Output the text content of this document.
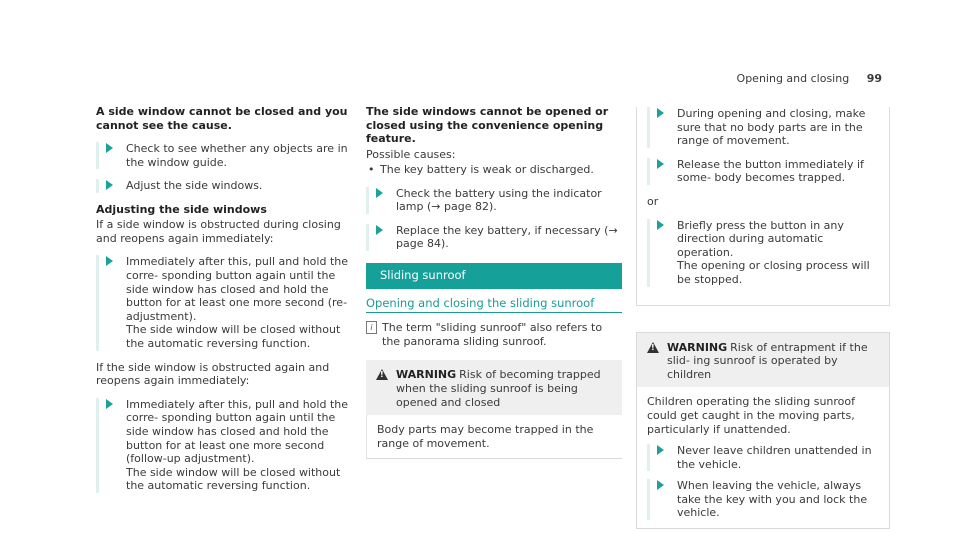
Opening and closing 99
A side window cannot be closed and you cannot see the cause.
Check to see whether any objects are in the window guide.
Adjust the side windows.
Adjusting the side windows
If a side window is obstructed during closing and reopens again immediately:
Immediately after this, pull and hold the corre- sponding button again until the side window has closed and hold the button for at least one more second (re-adjustment).
The side window will be closed without the automatic reversing function.
If the side window is obstructed again and reopens again immediately:
Immediately after this, pull and hold the corre- sponding button again until the side window has closed and hold the button for at least one more second (follow-up adjustment).
The side window will be closed without the automatic reversing function.
The side windows cannot be opened or closed using the convenience opening feature.
Possible causes:
• The key battery is weak or discharged.
Check the battery using the indicator lamp (→ page 82).
Replace the key battery, if necessary (→ page 84).
Sliding sunroof
Opening and closing the sliding sunroof
i The term "sliding sunroof" also refers to the panorama sliding sunroof.
!
WARNING Risk of becoming trapped when the sliding sunroof is being opened and closed
Body parts may become trapped in the range of movement.
During opening and closing, make sure that no body parts are in the range of movement.
Release the button immediately if some- body becomes trapped.
or
Briefly press the button in any direction during automatic operation.
The opening or closing process will be stopped.
!
WARNING Risk of entrapment if the slid- ing sunroof is operated by children
Children operating the sliding sunroof could get caught in the moving parts, particularly if unattended.
Never leave children unattended in the vehicle.
When leaving the vehicle, always take the key with you and lock the vehicle.
